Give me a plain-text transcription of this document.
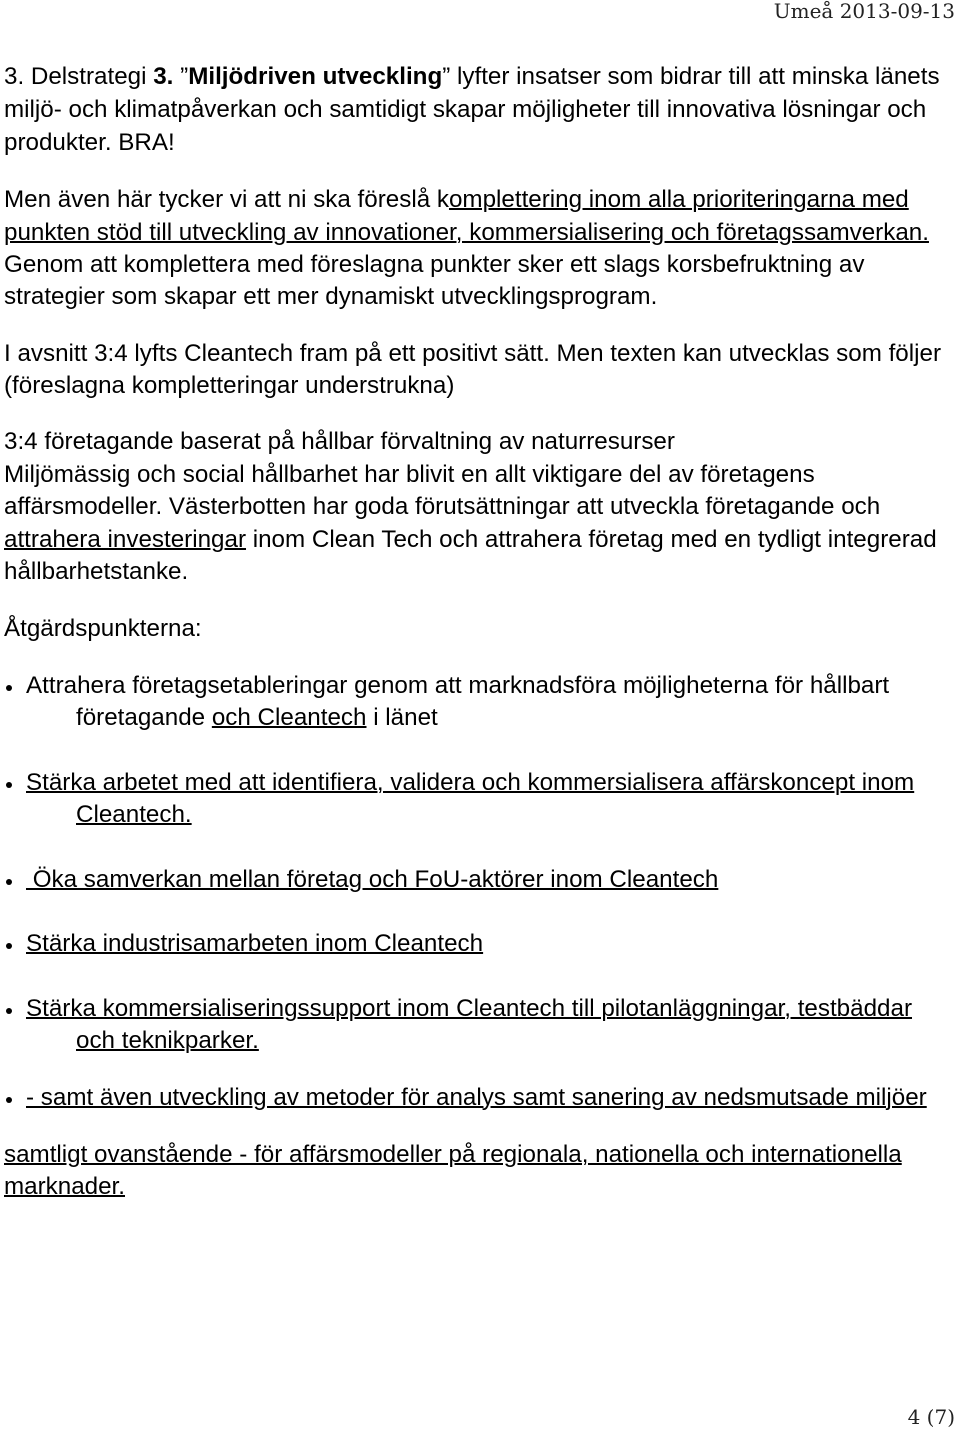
Umeå 2013-09-13
3. Delstrategi 3. ”Miljödriven utveckling” lyfter insatser som bidrar till att minska länets
miljö- och klimatpåverkan och samtidigt skapar möjligheter till innovativa lösningar och
produkter. BRA!
Men även här tycker vi att ni ska föreslå komplettering inom alla prioriteringarna med
punkten stöd till utveckling av innovationer, kommersialisering och företagssamverkan.
Genom att komplettera med föreslagna punkter sker ett slags korsbefruktning av
strategier som skapar ett mer dynamiskt utvecklingsprogram.
I avsnitt 3:4 lyfts Cleantech fram på ett positivt sätt. Men texten kan utvecklas som följer
(föreslagna kompletteringar understrukna)
3:4 företagande baserat på hållbar förvaltning av naturresurser
Miljömässig och social hållbarhet har blivit en allt viktigare del av företagens
affärsmodeller. Västerbotten har goda förutsättningar att utveckla företagande och
attrahera investeringar inom Clean Tech och attrahera företag med en tydligt integrerad
hållbarhetstanke.
Åtgärdspunkterna:
Attrahera företagsetableringar genom att marknadsföra möjligheterna för hållbart
företagande och Cleantech i länet
Stärka arbetet med att identifiera, validera och kommersialisera affärskoncept inom
Cleantech.
Öka samverkan mellan företag och FoU-aktörer inom Cleantech
Stärka industrisamarbeten inom Cleantech
Stärka kommersialiseringssupport inom Cleantech till pilotanläggningar, testbäddar
och teknikparker.
- samt även utveckling av metoder för analys samt sanering av nedsmutsade miljöer
samtligt ovanstående - för affärsmodeller på regionala, nationella och internationella
marknader.
4 (7)
